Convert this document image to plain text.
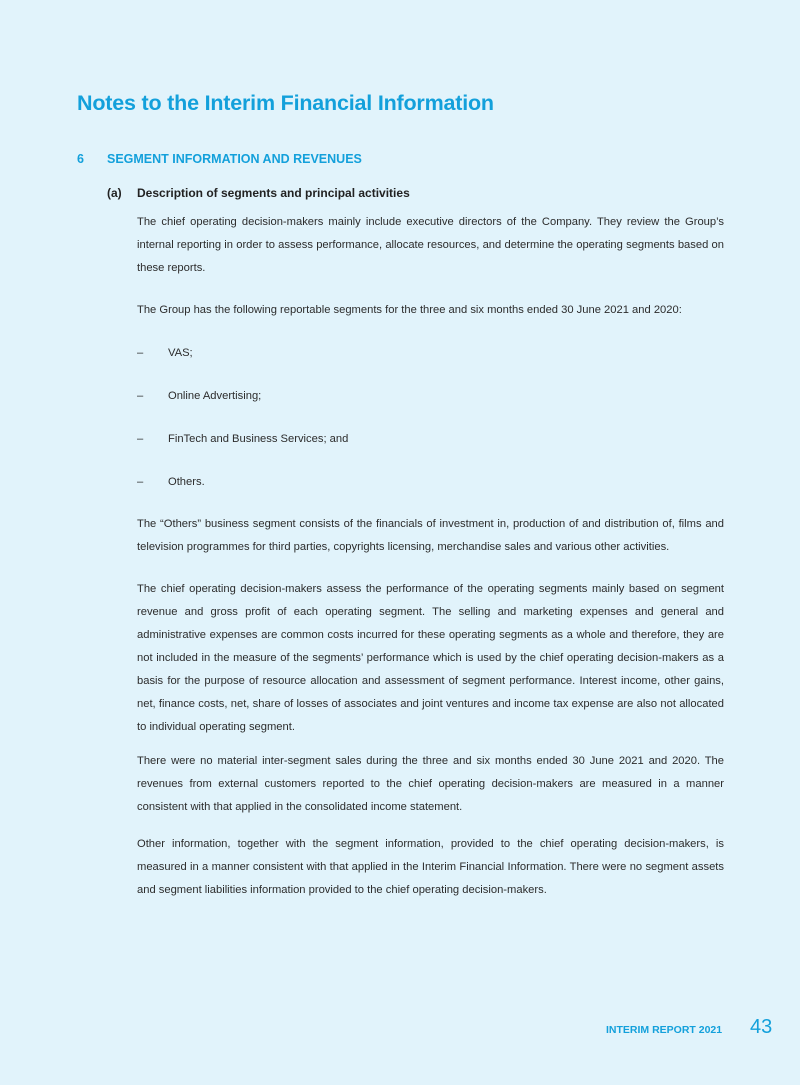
Notes to the Interim Financial Information
6 SEGMENT INFORMATION AND REVENUES
(a) Description of segments and principal activities

The chief operating decision-makers mainly include executive directors of the Company. They review the Group’s internal reporting in order to assess performance, allocate resources, and determine the operating segments based on these reports.

The Group has the following reportable segments for the three and six months ended 30 June 2021 and 2020:

– VAS;
– Online Advertising;
– FinTech and Business Services; and
– Others.

The “Others” business segment consists of the financials of investment in, production of and distribution of, films and television programmes for third parties, copyrights licensing, merchandise sales and various other activities.

The chief operating decision-makers assess the performance of the operating segments mainly based on segment revenue and gross profit of each operating segment. The selling and marketing expenses and general and administrative expenses are common costs incurred for these operating segments as a whole and therefore, they are not included in the measure of the segments’ performance which is used by the chief operating decision-makers as a basis for the purpose of resource allocation and assessment of segment performance. Interest income, other gains, net, finance costs, net, share of losses of associates and joint ventures and income tax expense are also not allocated to individual operating segment.

There were no material inter-segment sales during the three and six months ended 30 June 2021 and 2020. The revenues from external customers reported to the chief operating decision-makers are measured in a manner consistent with that applied in the consolidated income statement.

Other information, together with the segment information, provided to the chief operating decision-makers, is measured in a manner consistent with that applied in the Interim Financial Information. There were no segment assets and segment liabilities information provided to the chief operating decision-makers.

INTERIM REPORT 2021 43
